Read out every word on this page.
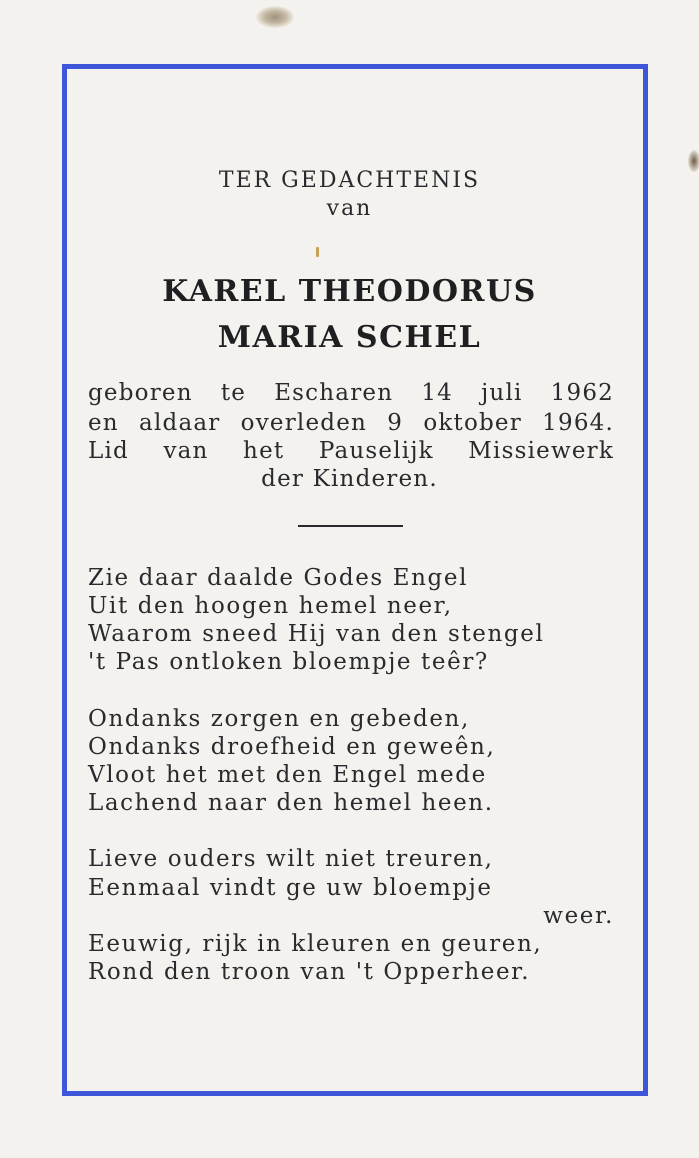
TER GEDACHTENIS
van
KAREL THEODORUS
MARIA SCHEL
geboren te Escharen 14 juli 1962
en aldaar overleden 9 oktober 1964.
Lid van het Pauselijk Missiewerk
der Kinderen.
Zie daar daalde Godes Engel
Uit den hoogen hemel neer,
Waarom sneed Hij van den stengel
't Pas ontloken bloempje teêr?
Ondanks zorgen en gebeden,
Ondanks droefheid en geweên,
Vloot het met den Engel mede
Lachend naar den hemel heen.
Lieve ouders wilt niet treuren,
Eenmaal vindt ge uw bloempje
weer.
Eeuwig, rijk in kleuren en geuren,
Rond den troon van 't Opperheer.
